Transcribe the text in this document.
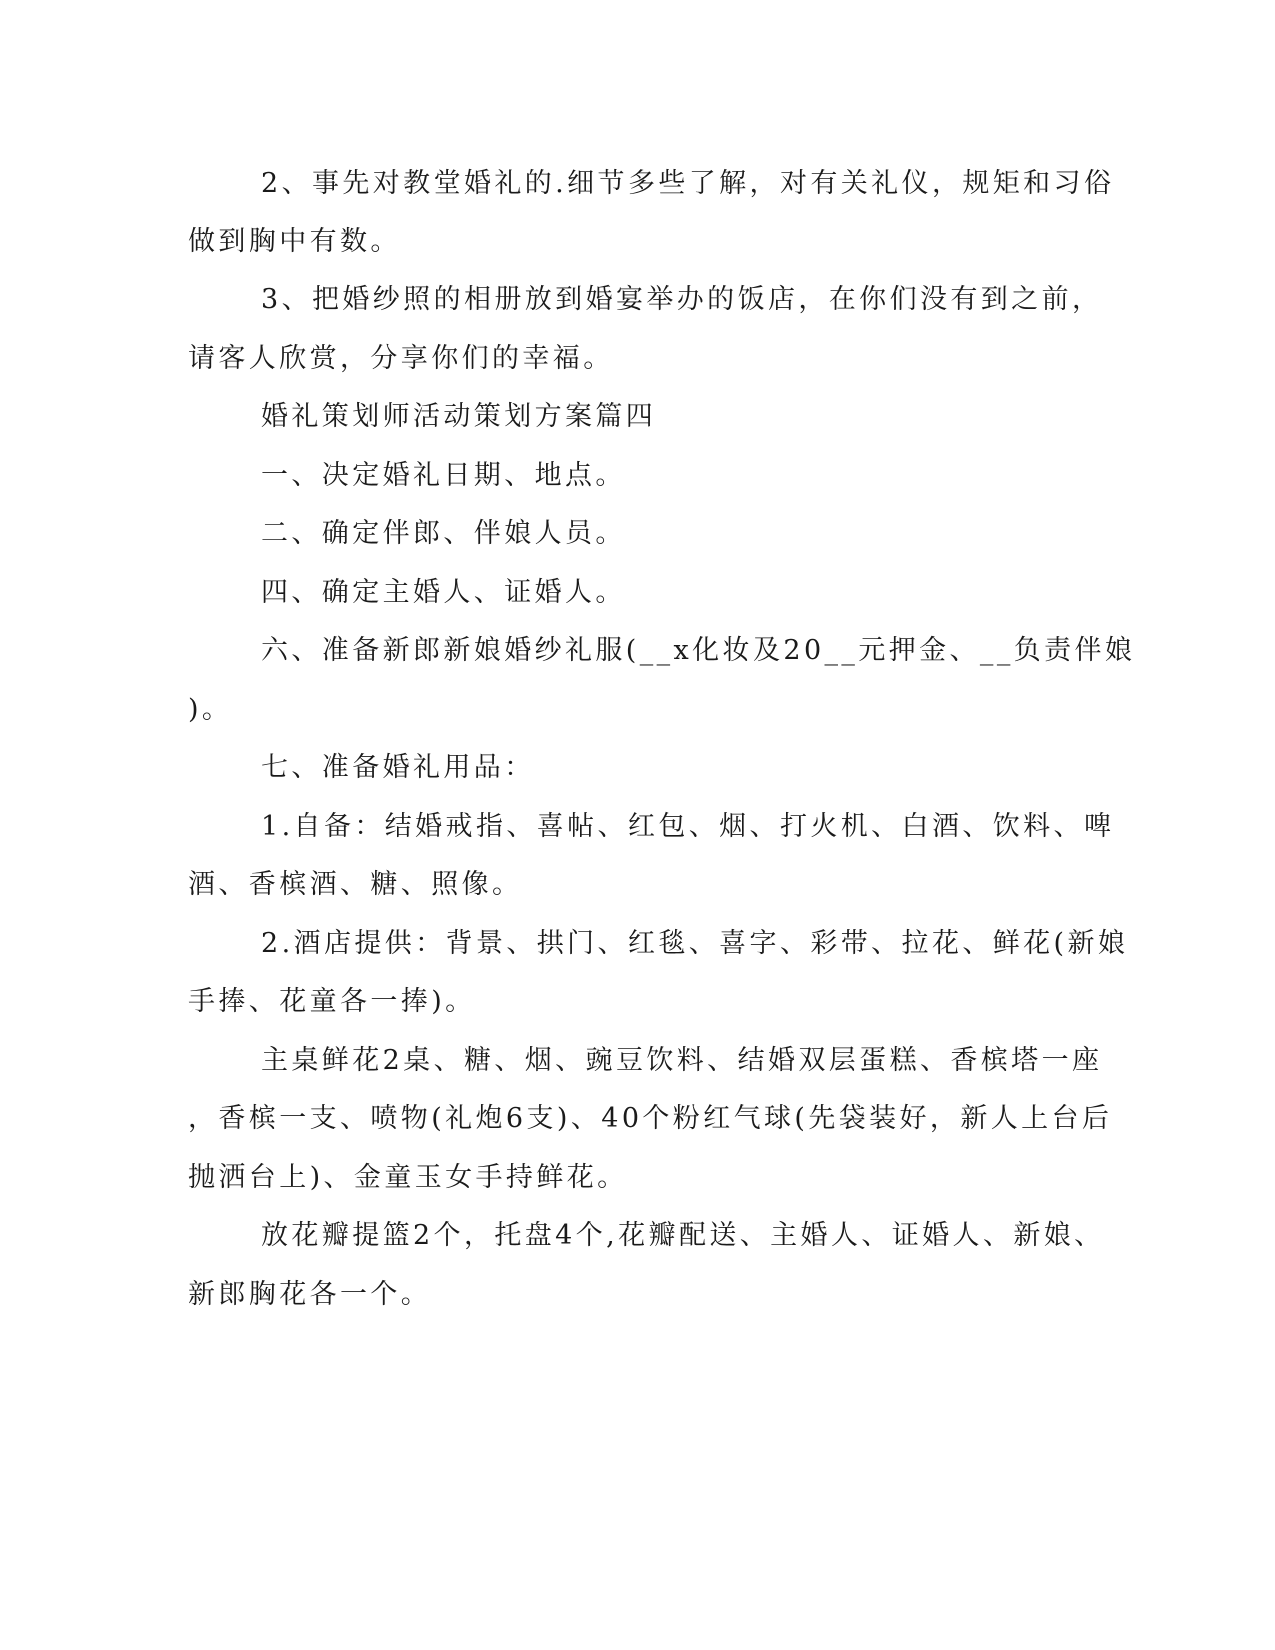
2、事先对教堂婚礼的.细节多些了解，对有关礼仪，规矩和习俗
做到胸中有数。
3、把婚纱照的相册放到婚宴举办的饭店，在你们没有到之前，
请客人欣赏，分享你们的幸福。
婚礼策划师活动策划方案篇四
一、决定婚礼日期、地点。
二、确定伴郎、伴娘人员。
四、确定主婚人、证婚人。
六、准备新郎新娘婚纱礼服(__x化妆及20__元押金、__负责伴娘
)。
七、准备婚礼用品：
1.自备：结婚戒指、喜帖、红包、烟、打火机、白酒、饮料、啤
酒、香槟酒、糖、照像。
2.酒店提供：背景、拱门、红毯、喜字、彩带、拉花、鲜花(新娘
手捧、花童各一捧)。
主桌鲜花2桌、糖、烟、豌豆饮料、结婚双层蛋糕、香槟塔一座
，香槟一支、喷物(礼炮6支)、40个粉红气球(先袋装好，新人上台后
抛洒台上)、金童玉女手持鲜花。
放花瓣提篮2个，托盘4个,花瓣配送、主婚人、证婚人、新娘、
新郎胸花各一个。
